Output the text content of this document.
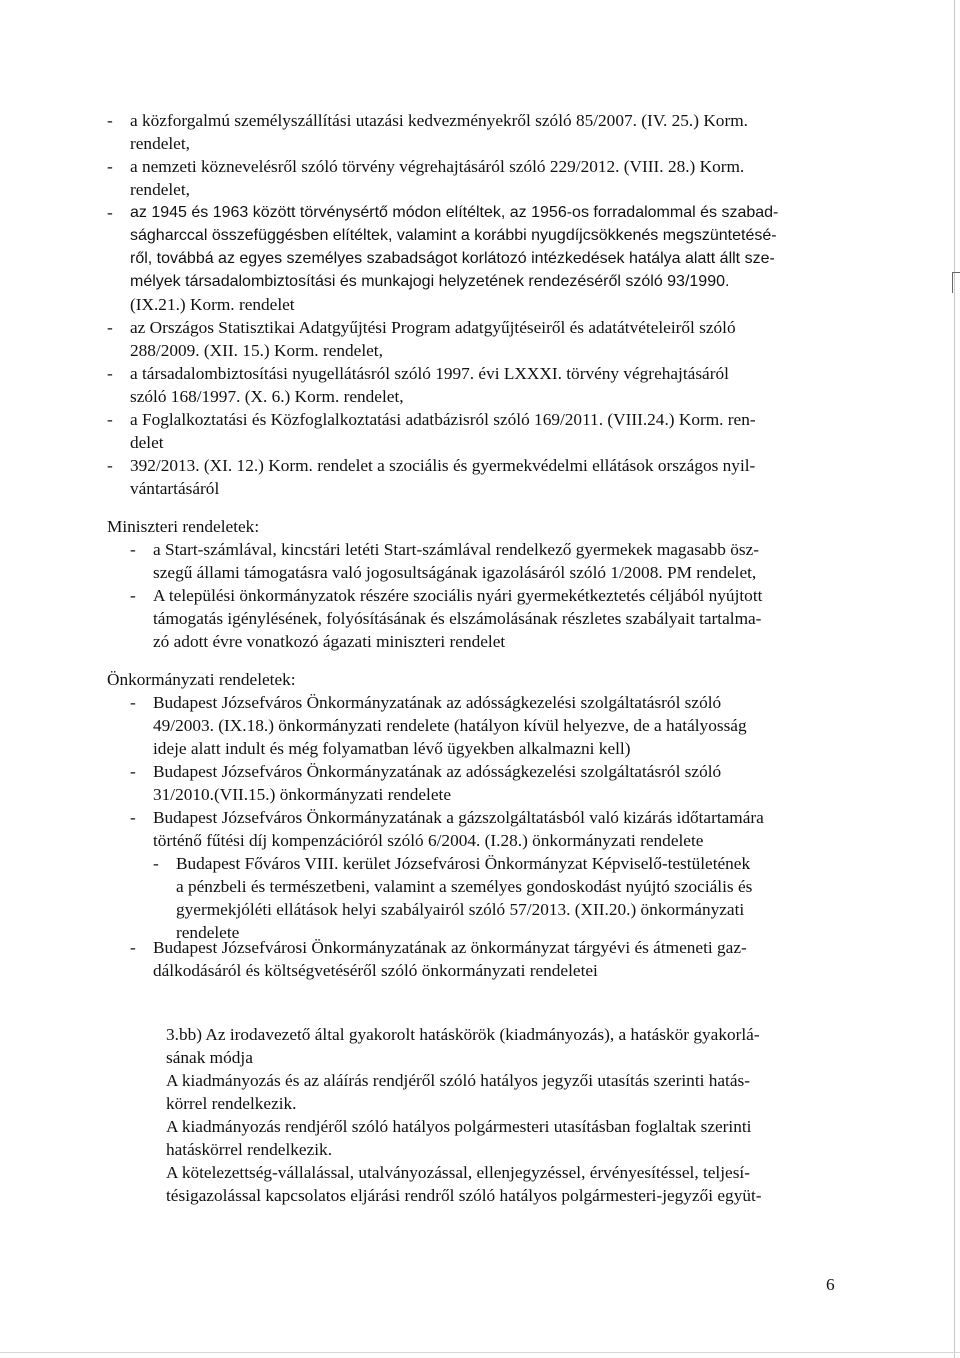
-
-
-
-
-
-
-
-
-
-
-
-
-
-
a közforgalmú személyszállítási utazási kedvezményekről szóló 85/2007. (IV. 25.) Korm.
rendelet,
a nemzeti köznevelésről szóló törvény végrehajtásáról szóló 229/2012. (VIII. 28.) Korm.
rendelet,
az 1945 és 1963 között törvénysértő módon elítéltek, az 1956-os forradalommal és szabad-
ságharccal összefüggésben elítéltek, valamint a korábbi nyugdíjcsökkenés megszüntetésé-
ről, továbbá az egyes személyes szabadságot korlátozó intézkedések hatálya alatt állt sze-
mélyek társadalombiztosítási és munkajogi helyzetének rendezéséről szóló 93/1990.
(IX.21.) Korm. rendelet
az Országos Statisztikai Adatgyűjtési Program adatgyűjtéseiről és adatátvételeiről szóló
288/2009. (XII. 15.) Korm. rendelet,
a társadalombiztosítási nyugellátásról szóló 1997. évi LXXXI. törvény végrehajtásáról
szóló 168/1997. (X. 6.) Korm. rendelet,
a Foglalkoztatási és Közfoglalkoztatási adatbázisról szóló 169/2011. (VIII.24.) Korm. ren-
delet
392/2013. (XI. 12.) Korm. rendelet a szociális és gyermekvédelmi ellátások országos nyil-
vántartásáról
Miniszteri rendeletek:
a Start-számlával, kincstári letéti Start-számlával rendelkező gyermekek magasabb ösz-
szegű állami támogatásra való jogosultságának igazolásáról szóló 1/2008. PM rendelet,
A települési önkormányzatok részére szociális nyári gyermekétkeztetés céljából nyújtott
támogatás igénylésének, folyósításának és elszámolásának részletes szabályait tartalma-
zó adott évre vonatkozó ágazati miniszteri rendelet
Önkormányzati rendeletek:
Budapest Józsefváros Önkormányzatának az adósságkezelési szolgáltatásról szóló
49/2003. (IX.18.) önkormányzati rendelete (hatályon kívül helyezve, de a hatályosság
ideje alatt indult és még folyamatban lévő ügyekben alkalmazni kell)
Budapest Józsefváros Önkormányzatának az adósságkezelési szolgáltatásról szóló
31/2010.(VII.15.) önkormányzati rendelete
Budapest Józsefváros Önkormányzatának a gázszolgáltatásból való kizárás időtartamára
történő fűtési díj kompenzációról szóló 6/2004. (I.28.) önkormányzati rendelete
Budapest Főváros VIII. kerület Józsefvárosi Önkormányzat Képviselő-testületének
a pénzbeli és természetbeni, valamint a személyes gondoskodást nyújtó szociális és
gyermekjóléti ellátások helyi szabályairól szóló 57/2013. (XII.20.) önkormányzati
rendelete
Budapest Józsefvárosi Önkormányzatának az önkormányzat tárgyévi és átmeneti gaz-
dálkodásáról és költségvetéséről szóló önkormányzati rendeletei
3.bb) Az irodavezető által gyakorolt hatáskörök (kiadmányozás), a hatáskör gyakorlá-
sának módja
A kiadmányozás és az aláírás rendjéről szóló hatályos jegyzői utasítás szerinti hatás-
körrel rendelkezik.
A kiadmányozás rendjéről szóló hatályos polgármesteri utasításban foglaltak szerinti
hatáskörrel rendelkezik.
A kötelezettség-vállalással, utalványozással, ellenjegyzéssel, érvényesítéssel, teljesí-
tésigazolással kapcsolatos eljárási rendről szóló hatályos polgármesteri-jegyzői együt-
6
